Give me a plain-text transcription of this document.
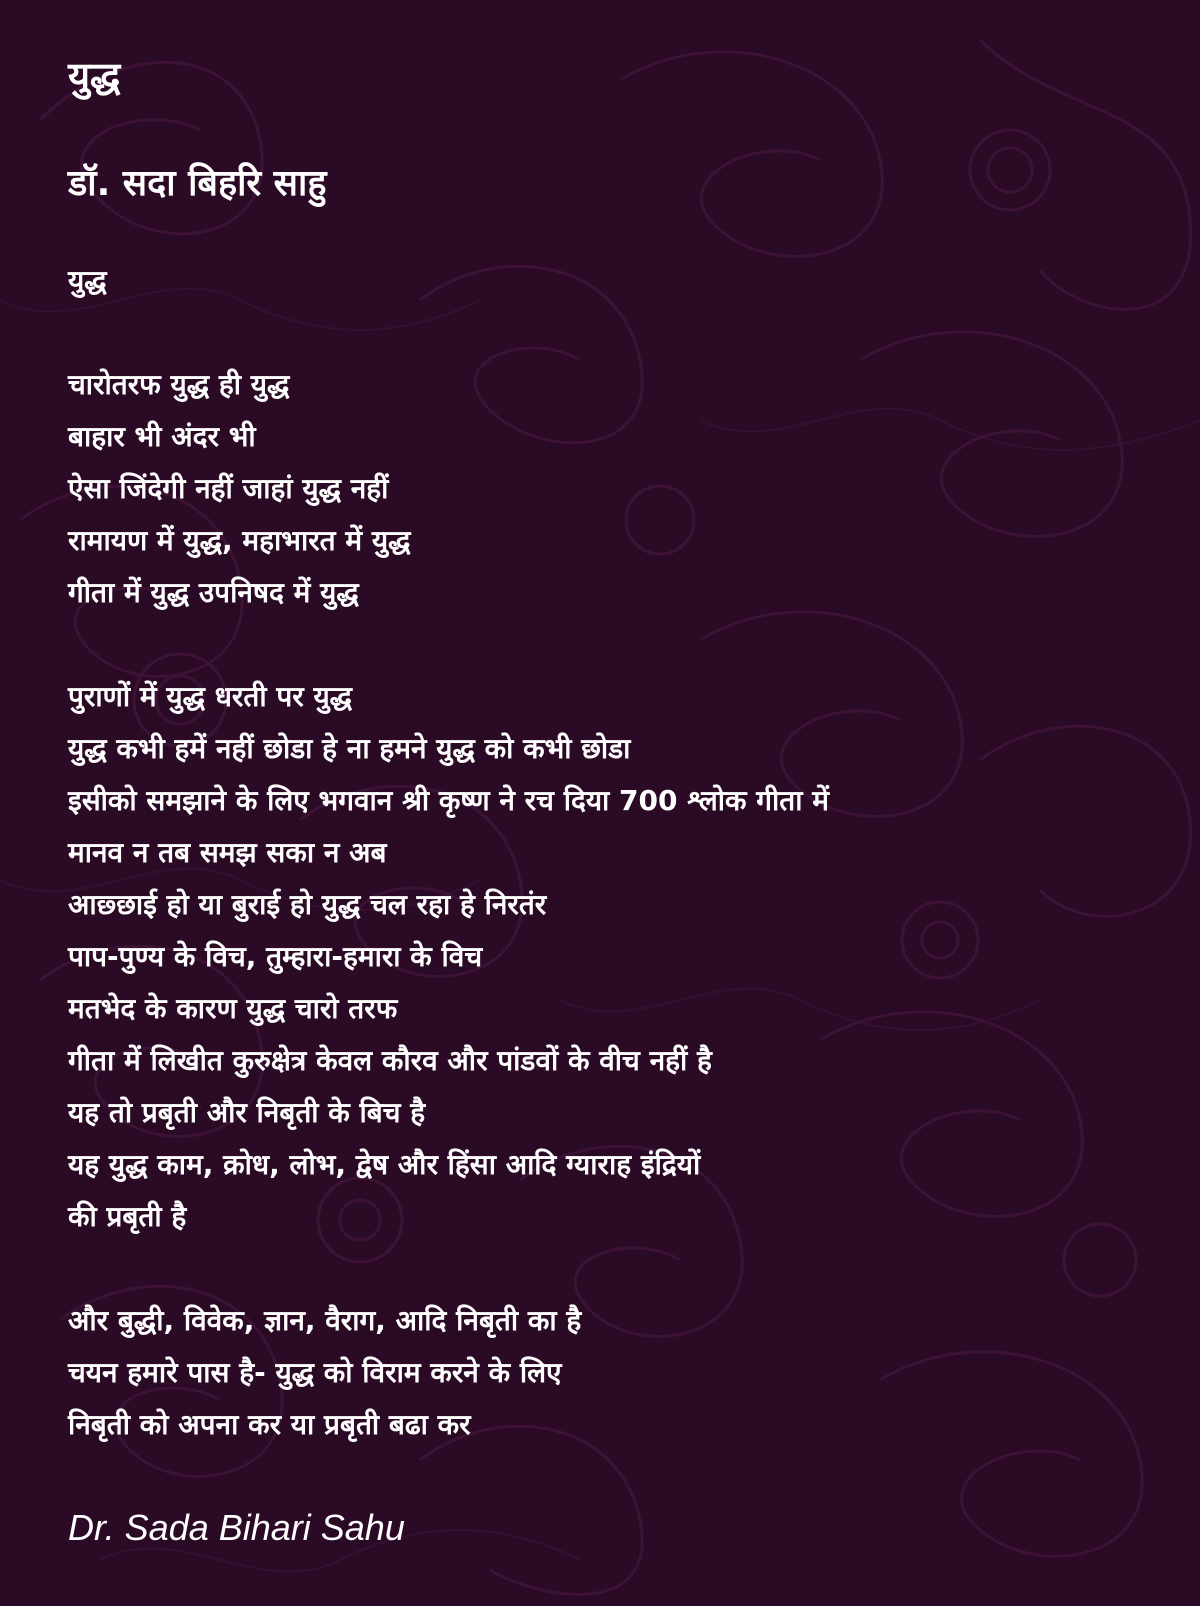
युद्ध
डॉ. सदा बिहरि साहु
युद्ध
चारोतरफ युद्ध ही युद्ध
बाहार भी अंदर भी
ऐसा जिंदेगी नहीं जाहां युद्ध नहीं
रामायण में युद्ध, महाभारत में युद्ध
गीता में युद्ध उपनिषद में युद्ध
पुराणों में युद्ध धरती पर युद्ध
युद्ध कभी हमें नहीं छोडा हे ना हमने युद्ध को कभी छोडा
इसीको समझाने के लिए भगवान श्री कृष्ण ने रच दिया 700 श्लोक गीता में
मानव न तब समझ सका न अब
आछ्छाई हो या बुराई हो युद्ध चल रहा हे निरतंर
पाप-पुण्य के विच, तुम्हारा-हमारा के विच
मतभेद के कारण युद्ध चारो तरफ
गीता में लिखीत कुरुक्षेत्र केवल कौरव और पांडवों के वीच नहीं है
यह तो प्रबृती और निबृती के बिच है
यह युद्ध काम, क्रोध, लोभ, द्वेष और हिंसा आदि ग्याराह इंद्रियों
की प्रबृती है
और बुद्धी, विवेक, ज्ञान, वैराग, आदि निबृती का है
चयन हमारे पास है- युद्ध को विराम करने के लिए
निबृती को अपना कर या प्रबृती बढा कर
Dr. Sada Bihari Sahu
